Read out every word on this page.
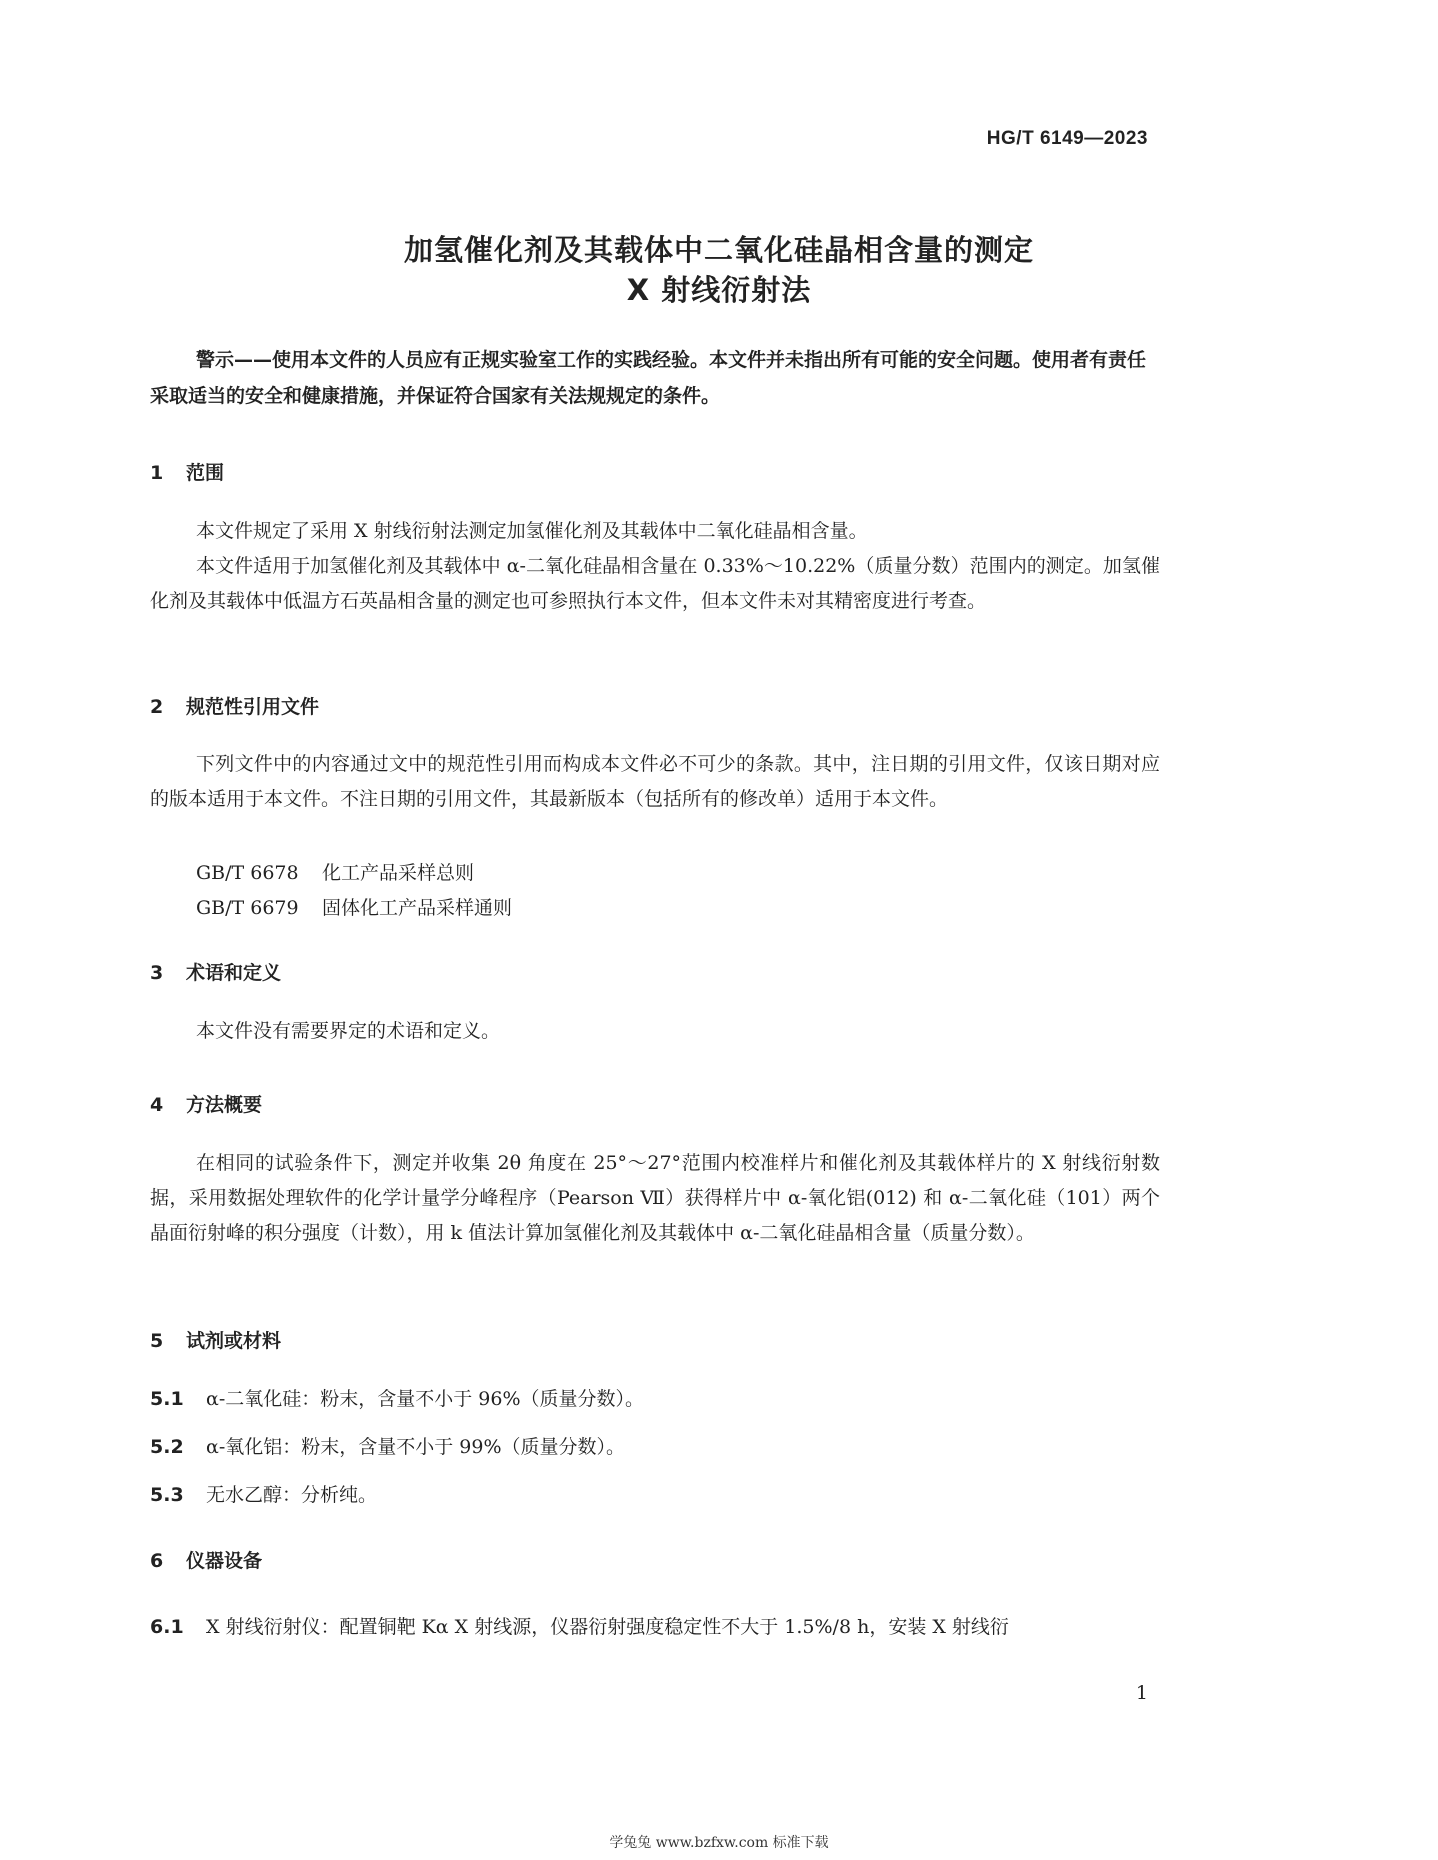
HG/T 6149—2023
加氢催化剂及其载体中二氧化硅晶相含量的测定
X 射线衍射法
警示——使用本文件的人员应有正规实验室工作的实践经验。本文件并未指出所有可能的安全问题。使用者有责任采取适当的安全和健康措施，并保证符合国家有关法规规定的条件。
1 范围
本文件规定了采用 X 射线衍射法测定加氢催化剂及其载体中二氧化硅晶相含量。
本文件适用于加氢催化剂及其载体中 α-二氧化硅晶相含量在 0.33%～10.22%（质量分数）范围内的测定。加氢催化剂及其载体中低温方石英晶相含量的测定也可参照执行本文件，但本文件未对其精密度进行考查。
2 规范性引用文件
下列文件中的内容通过文中的规范性引用而构成本文件必不可少的条款。其中，注日期的引用文件，仅该日期对应的版本适用于本文件。不注日期的引用文件，其最新版本（包括所有的修改单）适用于本文件。
GB/T 6678 化工产品采样总则
GB/T 6679 固体化工产品采样通则
3 术语和定义
本文件没有需要界定的术语和定义。
4 方法概要
在相同的试验条件下，测定并收集 2θ 角度在 25°～27°范围内校准样片和催化剂及其载体样片的 X 射线衍射数据，采用数据处理软件的化学计量学分峰程序（Pearson Ⅶ）获得样片中 α-氧化铝(012) 和 α-二氧化硅（101）两个晶面衍射峰的积分强度（计数），用 k 值法计算加氢催化剂及其载体中 α-二氧化硅晶相含量（质量分数）。
5 试剂或材料
5.1 α-二氧化硅：粉末，含量不小于 96%（质量分数）。
5.2 α-氧化铝：粉末，含量不小于 99%（质量分数）。
5.3 无水乙醇：分析纯。
6 仪器设备
6.1 X 射线衍射仪：配置铜靶 Kα X 射线源，仪器衍射强度稳定性不大于 1.5%/8 h，安装 X 射线衍
1
学兔兔 www.bzfxw.com 标准下载
